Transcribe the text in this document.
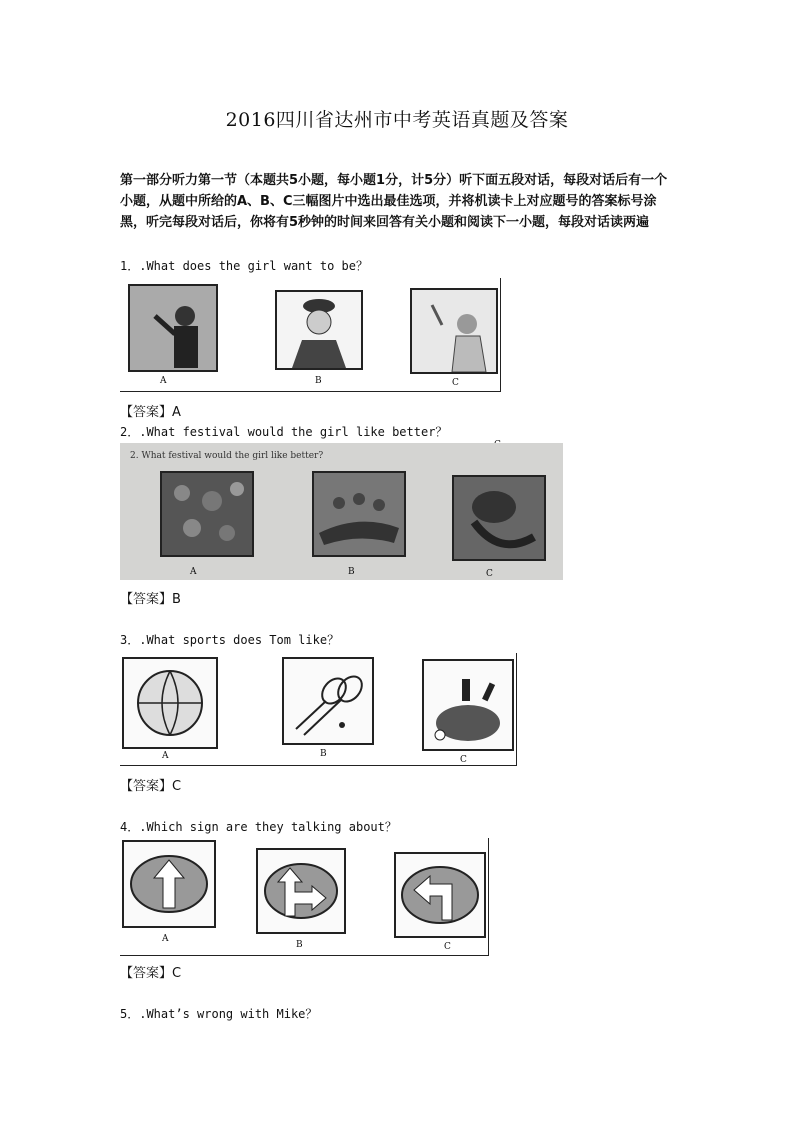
2016四川省达州市中考英语真题及答案
第一部分听力第一节（本题共5小题，每小题1分，计5分）听下面五段对话，每段对话后有一个小题，从题中所给的A、B、C三幅图片中选出最佳选项，并将机读卡上对应题号的答案标号涂黑，听完每段对话后，你将有5秒钟的时间来回答有关小题和阅读下一小题，每段对话读两遍
1．.What does the girl want to be？
A	B	C
【答案】A
2．.What festival would the girl like better？
2. What festival would the girl like better?
A	B	C
【答案】B
3．.What sports does Tom like？
A	B
C
【答案】C
4．.Which sign are they talking about？
A
B	C
【答案】C
5．.What’s wrong with Mike？
